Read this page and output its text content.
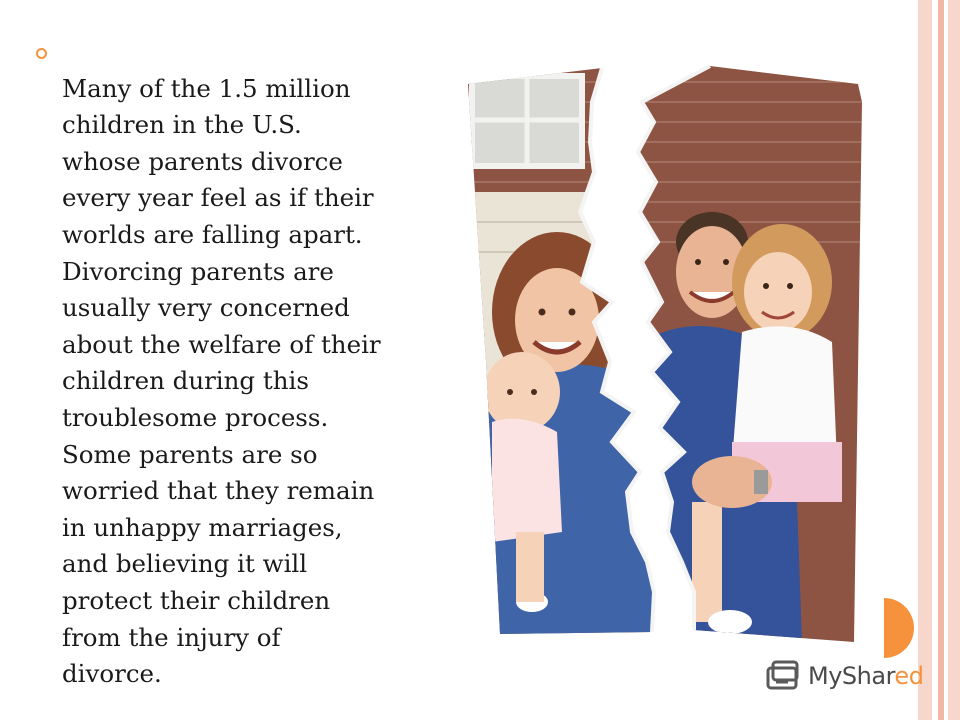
Many of the 1.5 million
children in the U.S.
whose parents divorce
every year feel as if their
worlds are falling apart.
Divorcing parents are
usually very concerned
about the welfare of their
children during this
troublesome process.
Some parents are so
worried that they remain
in unhappy marriages,
and believing it will
protect their children
from the injury of
divorce.	MyShared
